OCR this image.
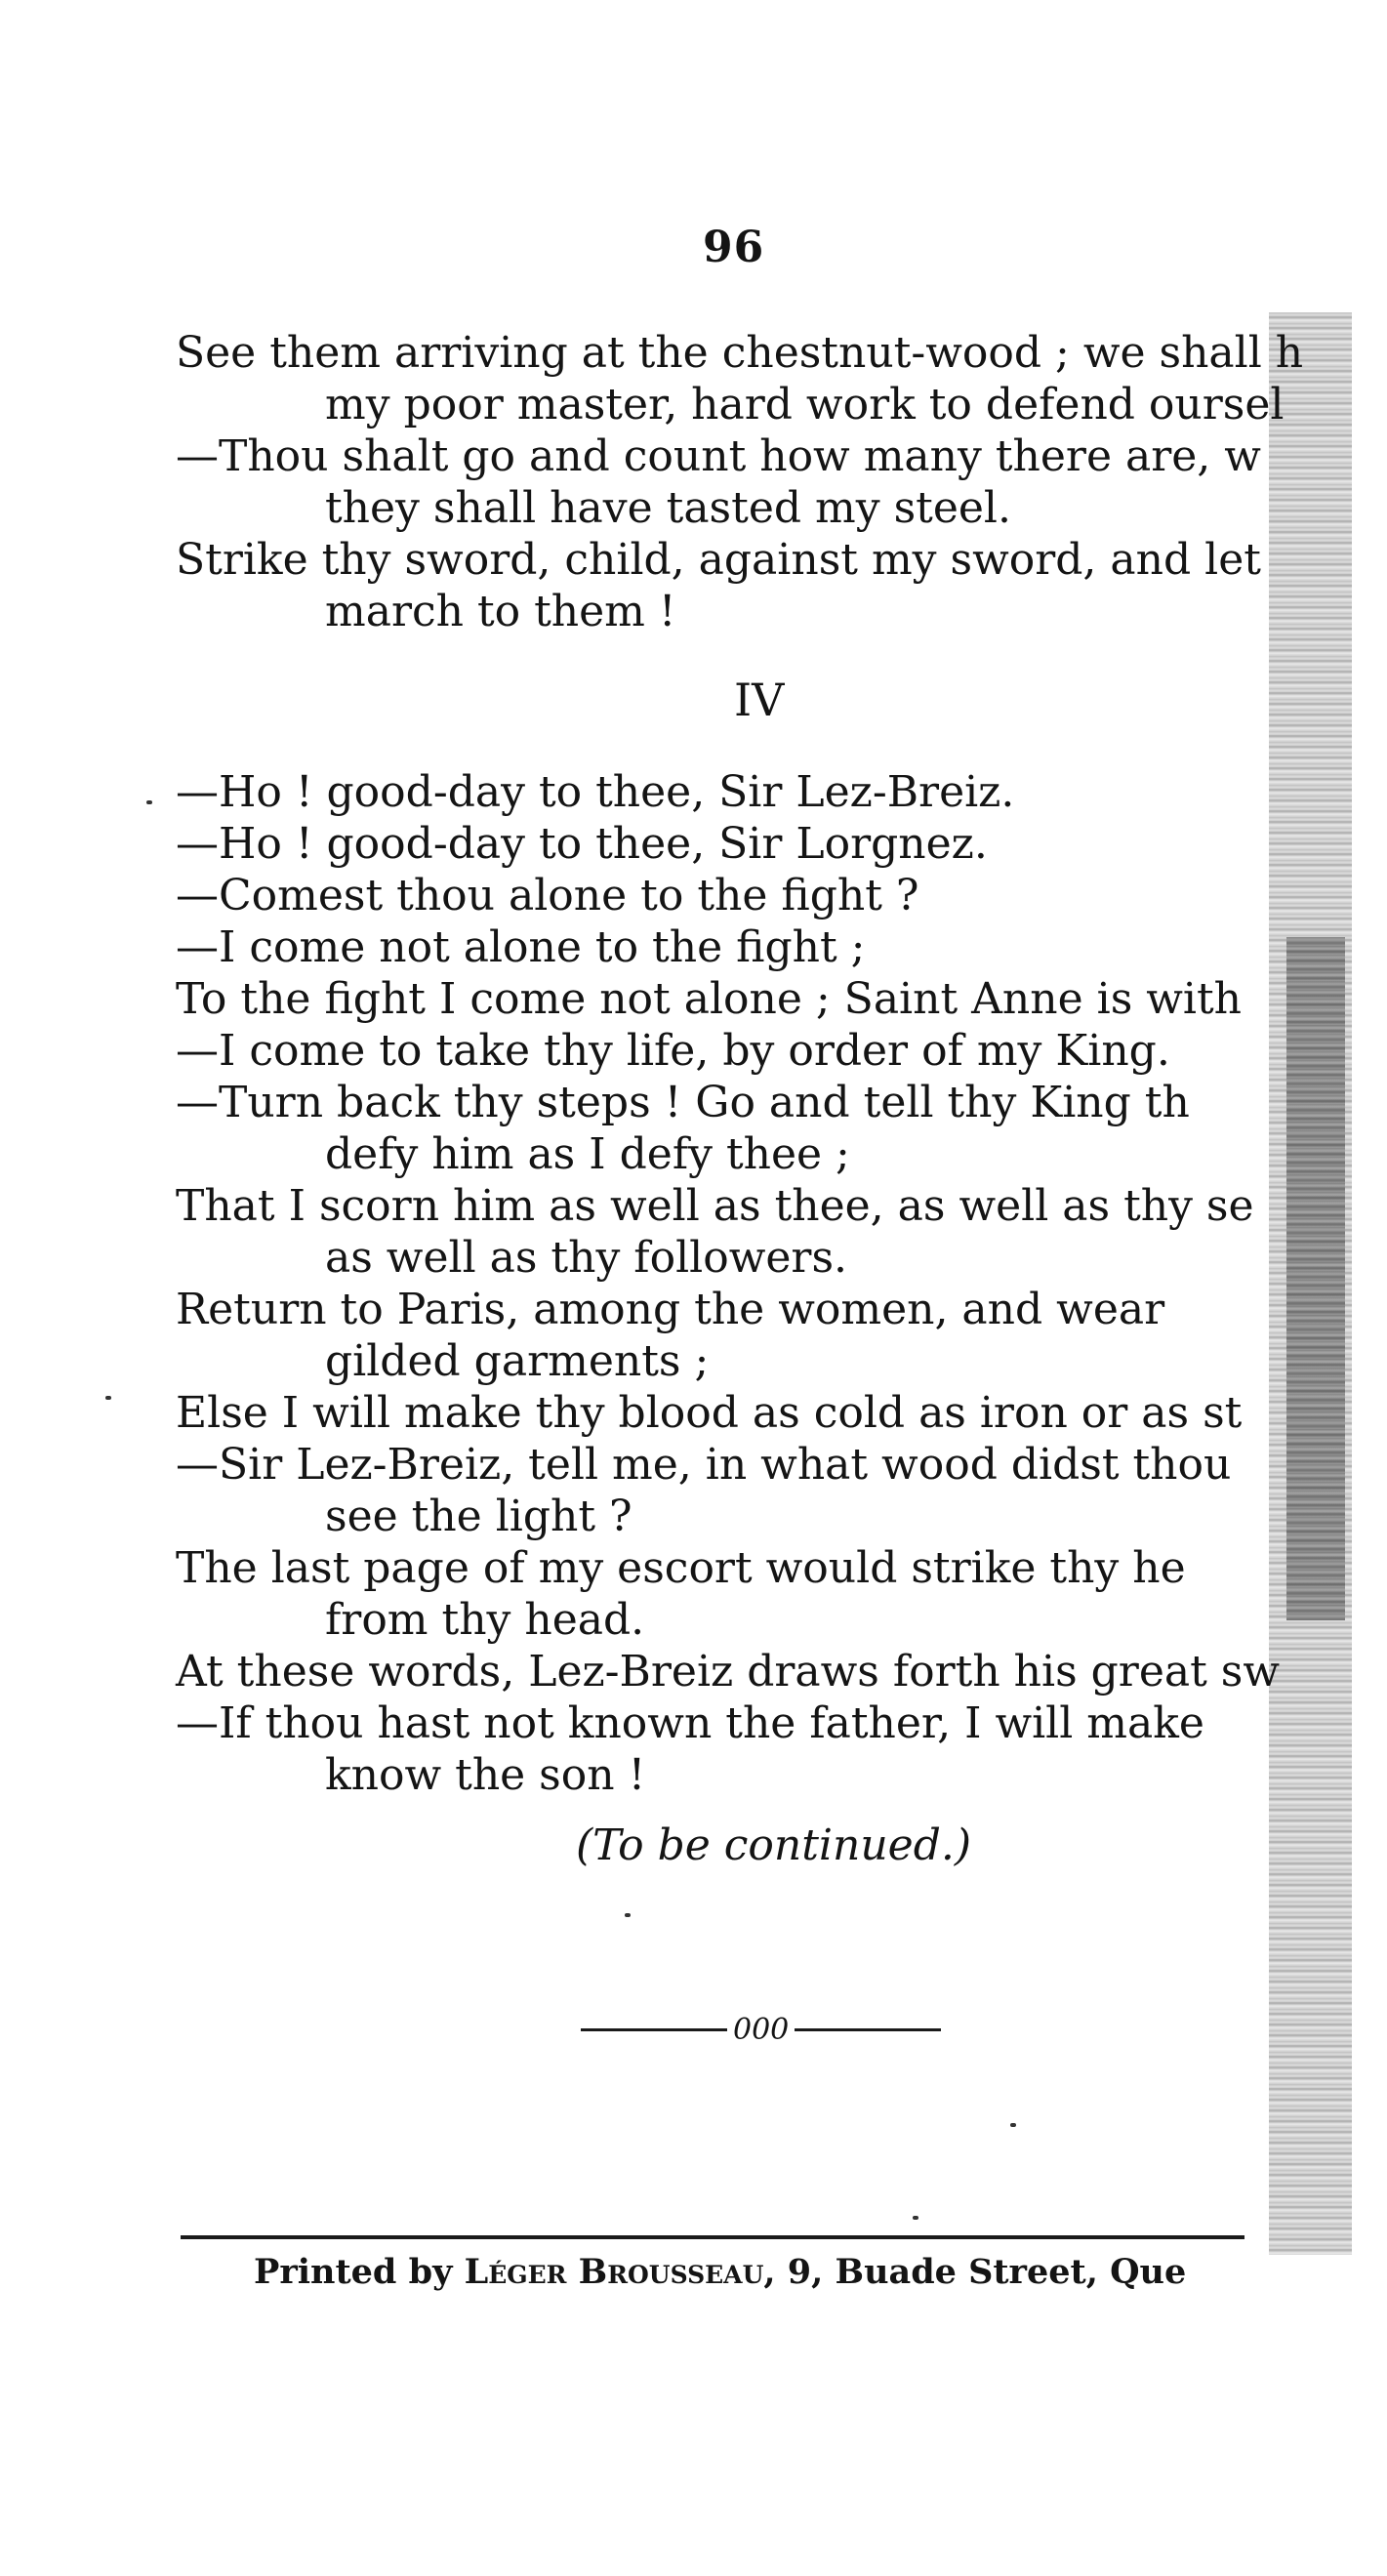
96
See them arriving at the chestnut-wood ; we shall h
my poor master, hard work to defend oursel
—Thou shalt go and count how many there are, w
they shall have tasted my steel.
Strike thy sword, child, against my sword, and let
march to them !
IV
—Ho ! good-day to thee, Sir Lez-Breiz.
—Ho ! good-day to thee, Sir Lorgnez.
—Comest thou alone to the fight ?
—I come not alone to the fight ;
To the fight I come not alone ; Saint Anne is with
—I come to take thy life, by order of my King.
—Turn back thy steps ! Go and tell thy King th
defy him as I defy thee ;
That I scorn him as well as thee, as well as thy se
as well as thy followers.
Return to Paris, among the women, and wear
gilded garments ;
Else I will make thy blood as cold as iron or as st
—Sir Lez-Breiz, tell me, in what wood didst thou
see the light ?
The last page of my escort would strike thy he
from thy head.
At these words, Lez-Breiz draws forth his great sw
—If thou hast not known the father, I will make
know the son !
(To be continued.)
000
Printed by Léger Brousseau, 9, Buade Street, Que
